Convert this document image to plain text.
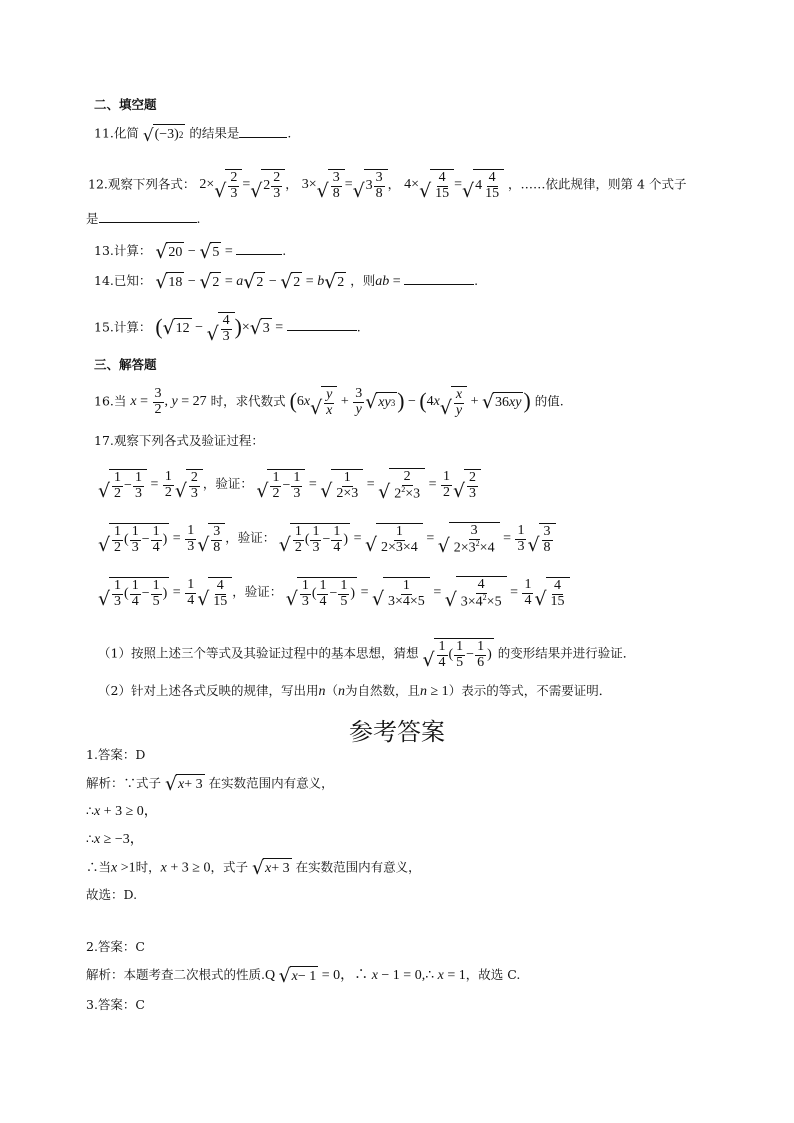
二、填空题
11.化简 √ (−3) 2 的结果是	.
12.观察下列各式： 2× √ $\frac{2}{3}$ = √ $2 \frac{2}{3}$ ， 3× √ $\frac{3}{8}$ = √ $3 \frac{3}{8}$ ， 4× √ $\frac{4}{15}$ = √ $4 \frac{4}{15}$ ，……依此规律，则第 4 个式子
是	.
13.计算： √ 20 − √ 5 =	.
14.已知： √ 18 − √ 2 = a √ 2 − √ 2 = b √ 2 ，则ab =	.
15.计算： ( √ 12 − √ $\frac{4}{3}$ )× √ 3 =	.
三、解答题
16.当 $x = \frac{3}{2}$ , y = 27 时，求代数式 (6x √ $\frac{y}{x} + \frac{3}{y}$ √ xy 3 ) − (4x √ $\frac{x}{y}$ + √ 36 xy ) 的值.
17.观察下列各式及验证过程：
√ $\frac{1}{2} - \frac{1}{3} = \frac{1}{2}$ √ $\frac{2}{3}$ ，验证： √ $\frac{1}{2} - \frac{1}{3}$ = √ $\frac{1}{2\times 3}$ = √ $\frac{2}{2^2\times 3} = \frac{1}{2}$ √ $\frac{2}{3}$
√ $\frac{1}{2}$ ( $\frac{1}{3} - \frac{1}{4}$ ) = $\frac{1}{3}$ √ $\frac{3}{8}$ ，验证： √ $\frac{1}{2}$ ( $\frac{1}{3} - \frac{1}{4}$ ) = √ $\frac{1}{2\times 3\times 4}$ = √ $\frac{3}{2\times 3^2\times 4} = \frac{1}{3}$ √ $\frac{3}{8}$
√ $\frac{1}{3}$ ( $\frac{1}{4} - \frac{1}{5}$ ) = $\frac{1}{4}$ √ $\frac{4}{15}$ ，验证： √ $\frac{1}{3}$ ( $\frac{1}{4} - \frac{1}{5}$ ) = √ $\frac{1}{3\times 4\times 5}$ = √ $\frac{4}{3\times 4^2\times 5} = \frac{1}{4}$ √ $\frac{4}{15}$
（1）按照上述三个等式及其验证过程中的基本思想，猜想 √ $\frac{1}{4}$ ( $\frac{1}{5} - \frac{1}{6}$ ) 的变形结果并进行验证．
（2）针对上述各式反映的规律，写出用n（n为自然数，且n ≥ 1）表示的等式，不需要证明．
参考答案
1.答案：D
解析：∵式子 √ x + 3 在实数范围内有意义，
∴x + 3 ≥ 0，
∴x ≥ −3，
∴当x >1时，x + 3 ≥ 0，式子 √ x + 3 在实数范围内有意义，
故选：D.
2.答案：C
解析：本题考查二次根式的性质.Q √ x − 1 = 0，∴ x − 1 = 0,∴ x = 1，故选 C.
3.答案：C
